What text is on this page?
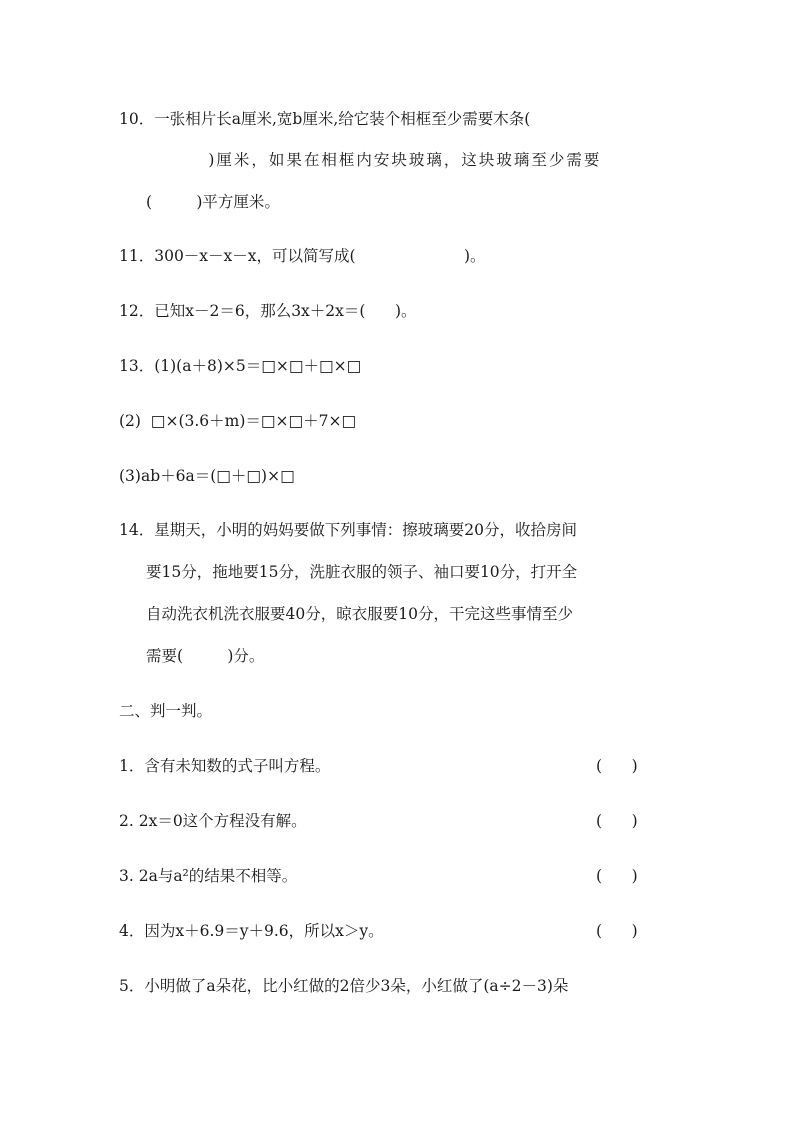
10．一张相片长a厘米,宽b厘米,给它装个相框至少需要木条(
)厘米，如果在相框内安块玻璃，这块玻璃至少需要
(         )平方厘米。
11．300－x－x－x，可以简写成(                      )。
12．已知x－2＝6，那么3x＋2x＝(      )。
13．(1)(a＋8)×5＝□×□＋□×□
(2)  □×(3.6＋m)＝□×□＋7×□
(3)ab＋6a＝(□＋□)×□
14．星期天，小明的妈妈要做下列事情：擦玻璃要20分，收拾房间
要15分，拖地要15分，洗脏衣服的领子、袖口要10分，打开全
自动洗衣机洗衣服要40分，晾衣服要10分，干完这些事情至少
需要(         )分。
二、判一判。
1．含有未知数的式子叫方程。	(      )
2. 2x＝0这个方程没有解。	(      )
3. 2a与a²的结果不相等。	(      )
4．因为x＋6.9＝y＋9.6，所以x＞y。	(      )
5．小明做了a朵花，比小红做的2倍少3朵，小红做了(a÷2－3)朵
